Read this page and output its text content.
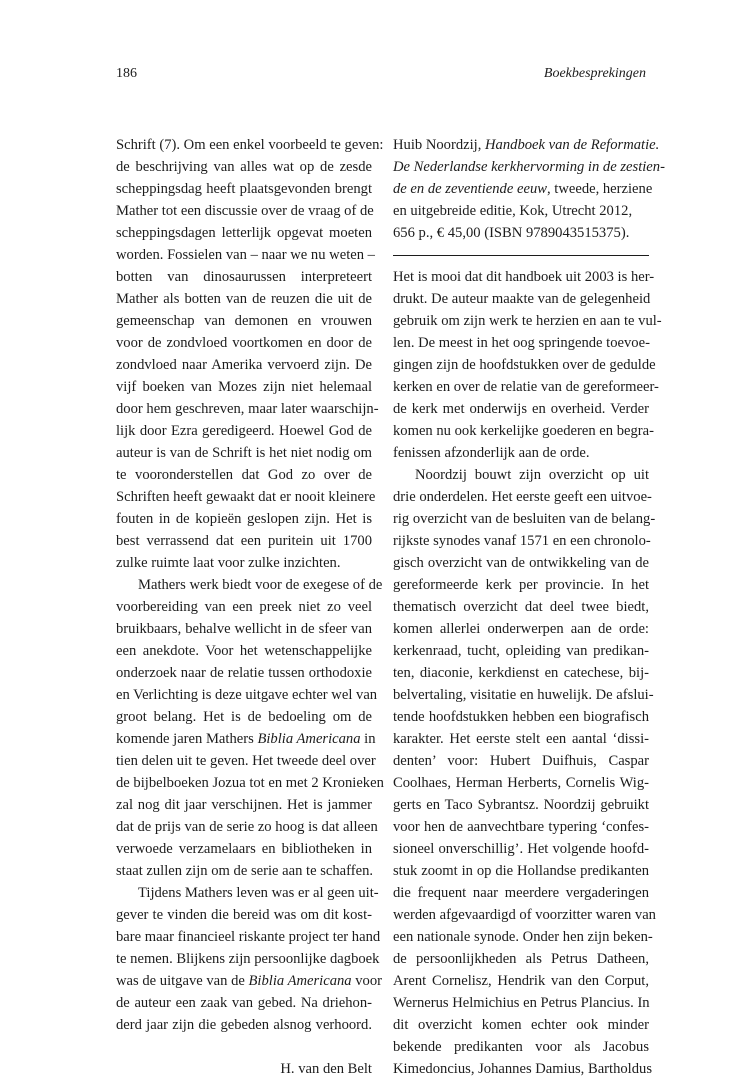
186	Boekbesprekingen
Schrift (7). Om een enkel voorbeeld te geven:
de beschrijving van alles wat op de zesde
scheppingsdag heeft plaatsgevonden brengt
Mather tot een discussie over de vraag of de
scheppingsdagen letterlijk opgevat moeten
worden. Fossielen van – naar we nu weten –
botten van dinosaurussen interpreteert
Mather als botten van de reuzen die uit de
gemeenschap van demonen en vrouwen
voor de zondvloed voortkomen en door de
zondvloed naar Amerika vervoerd zijn. De
vijf boeken van Mozes zijn niet helemaal
door hem geschreven, maar later waarschijn-
lijk door Ezra geredigeerd. Hoewel God de
auteur is van de Schrift is het niet nodig om
te vooronderstellen dat God zo over de
Schriften heeft gewaakt dat er nooit kleinere
fouten in de kopieën geslopen zijn. Het is
best verrassend dat een puritein uit 1700
zulke ruimte laat voor zulke inzichten.
Mathers werk biedt voor de exegese of de
voorbereiding van een preek niet zo veel
bruikbaars, behalve wellicht in de sfeer van
een anekdote. Voor het wetenschappelijke
onderzoek naar de relatie tussen orthodoxie
en Verlichting is deze uitgave echter wel van
groot belang. Het is de bedoeling om de
komende jaren Mathers Biblia Americana in
tien delen uit te geven. Het tweede deel over
de bijbelboeken Jozua tot en met 2 Kronieken
zal nog dit jaar verschijnen. Het is jammer
dat de prijs van de serie zo hoog is dat alleen
verwoede verzamelaars en bibliotheken in
staat zullen zijn om de serie aan te schaffen.
Tijdens Mathers leven was er al geen uit-
gever te vinden die bereid was om dit kost-
bare maar financieel riskante project ter hand
te nemen. Blijkens zijn persoonlijke dagboek
was de uitgave van de Biblia Americana voor
de auteur een zaak van gebed. Na driehon-
derd jaar zijn die gebeden alsnog verhoord.
H. van den Belt
Huib Noordzij, Handboek van de Reformatie.
De Nederlandse kerkhervorming in de zestien-
de en de zeventiende eeuw, tweede, herziene
en uitgebreide editie, Kok, Utrecht 2012,
656 p., € 45,00 (ISBN 9789043515375).
Het is mooi dat dit handboek uit 2003 is her-
drukt. De auteur maakte van de gelegenheid
gebruik om zijn werk te herzien en aan te vul-
len. De meest in het oog springende toevoe-
gingen zijn de hoofdstukken over de gedulde
kerken en over de relatie van de gereformeer-
de kerk met onderwijs en overheid. Verder
komen nu ook kerkelijke goederen en begra-
fenissen afzonderlijk aan de orde.
Noordzij bouwt zijn overzicht op uit
drie onderdelen. Het eerste geeft een uitvoe-
rig overzicht van de besluiten van de belang-
rijkste synodes vanaf 1571 en een chronolo-
gisch overzicht van de ontwikkeling van de
gereformeerde kerk per provincie. In het
thematisch overzicht dat deel twee biedt,
komen allerlei onderwerpen aan de orde:
kerkenraad, tucht, opleiding van predikan-
ten, diaconie, kerkdienst en catechese, bij-
belvertaling, visitatie en huwelijk. De afslui-
tende hoofdstukken hebben een biografisch
karakter. Het eerste stelt een aantal ‘dissi-
denten’ voor: Hubert Duifhuis, Caspar
Coolhaes, Herman Herberts, Cornelis Wig-
gerts en Taco Sybrantsz. Noordzij gebruikt
voor hen de aanvechtbare typering ‘confes-
sioneel onverschillig’. Het volgende hoofd-
stuk zoomt in op die Hollandse predikanten
die frequent naar meerdere vergaderingen
werden afgevaardigd of voorzitter waren van
een nationale synode. Onder hen zijn beken-
de persoonlijkheden als Petrus Datheen,
Arent Cornelisz, Hendrik van den Corput,
Wernerus Helmichius en Petrus Plancius. In
dit overzicht komen echter ook minder
bekende predikanten voor als Jacobus
Kimedoncius, Johannes Damius, Bartholdus
